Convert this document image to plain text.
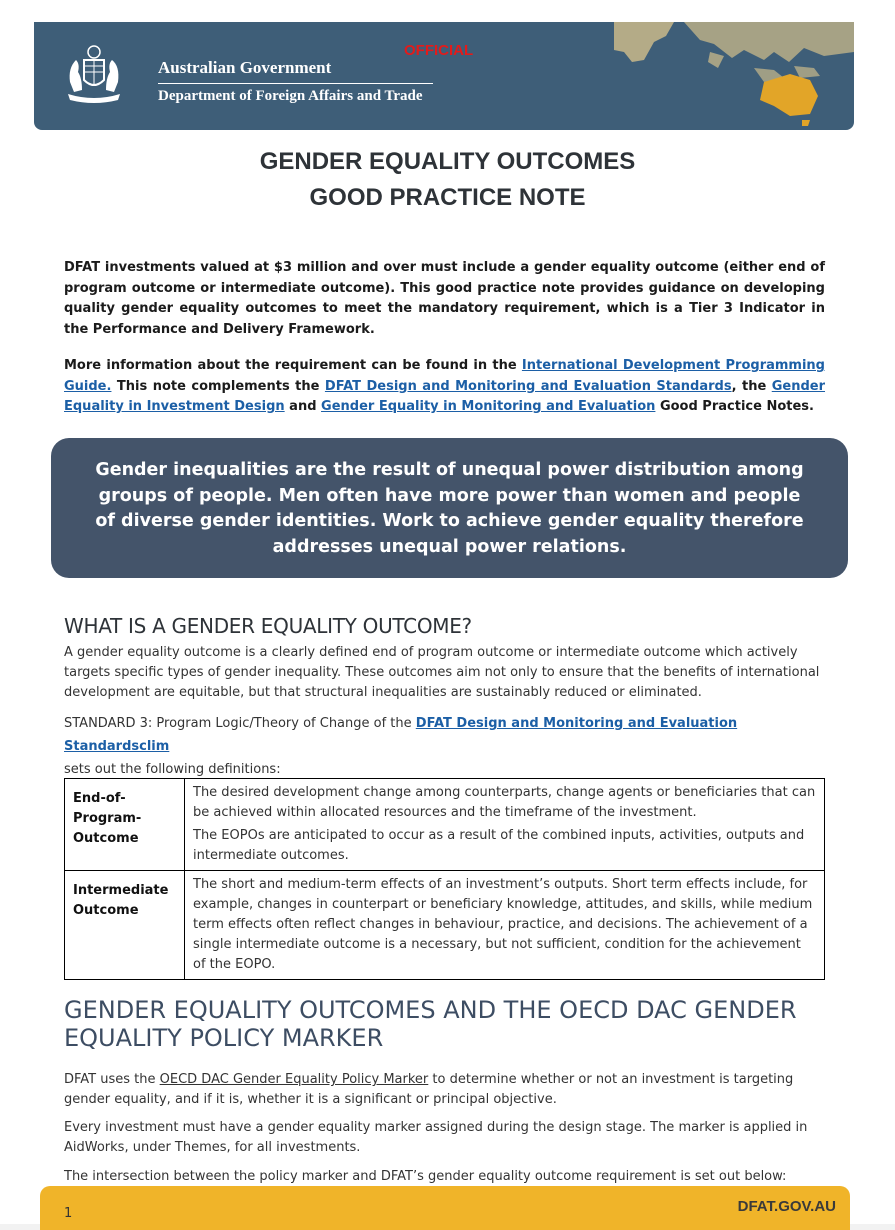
Australian Government
Department of Foreign Affairs and Trade
OFFICIAL
GENDER EQUALITY OUTCOMES
GOOD PRACTICE NOTE
DFAT investments valued at $3 million and over must include a gender equality outcome (either end of program outcome or intermediate outcome). This good practice note provides guidance on developing quality gender equality outcomes to meet the mandatory requirement, which is a Tier 3 Indicator in the Performance and Delivery Framework.
More information about the requirement can be found in the International Development Programming Guide. This note complements the DFAT Design and Monitoring and Evaluation Standards, the Gender Equality in Investment Design and Gender Equality in Monitoring and Evaluation Good Practice Notes.
Gender inequalities are the result of unequal power distribution among groups of people. Men often have more power than women and people of diverse gender identities. Work to achieve gender equality therefore addresses unequal power relations.
WHAT IS A GENDER EQUALITY OUTCOME?
A gender equality outcome is a clearly defined end of program outcome or intermediate outcome which actively targets specific types of gender inequality. These outcomes aim not only to ensure that the benefits of international development are equitable, but that structural inequalities are sustainably reduced or eliminated.
STANDARD 3: Program Logic/Theory of Change of the DFAT Design and Monitoring and Evaluation Standardsclim
sets out the following definitions:
End-of-Program-Outcome	The desired development change among counterparts, change agents or beneficiaries that can be achieved within allocated resources and the timeframe of the investment.

The EOPOs are anticipated to occur as a result of the combined inputs, activities, outputs and intermediate outcomes.

Intermediate Outcome	The short and medium-term effects of an investment’s outputs. Short term effects include, for example, changes in counterpart or beneficiary knowledge, attitudes, and skills, while medium term effects often reflect changes in behaviour, practice, and decisions. The achievement of a single intermediate outcome is a necessary, but not sufficient, condition for the achievement of the EOPO.

GENDER EQUALITY OUTCOMES AND THE OECD DAC GENDER EQUALITY POLICY MARKER
DFAT uses the OECD DAC Gender Equality Policy Marker to determine whether or not an investment is targeting gender equality, and if it is, whether it is a significant or principal objective.
Every investment must have a gender equality marker assigned during the design stage. The marker is applied in AidWorks, under Themes, for all investments.
The intersection between the policy marker and DFAT’s gender equality outcome requirement is set out below:
DFAT.GOV.AU
1
